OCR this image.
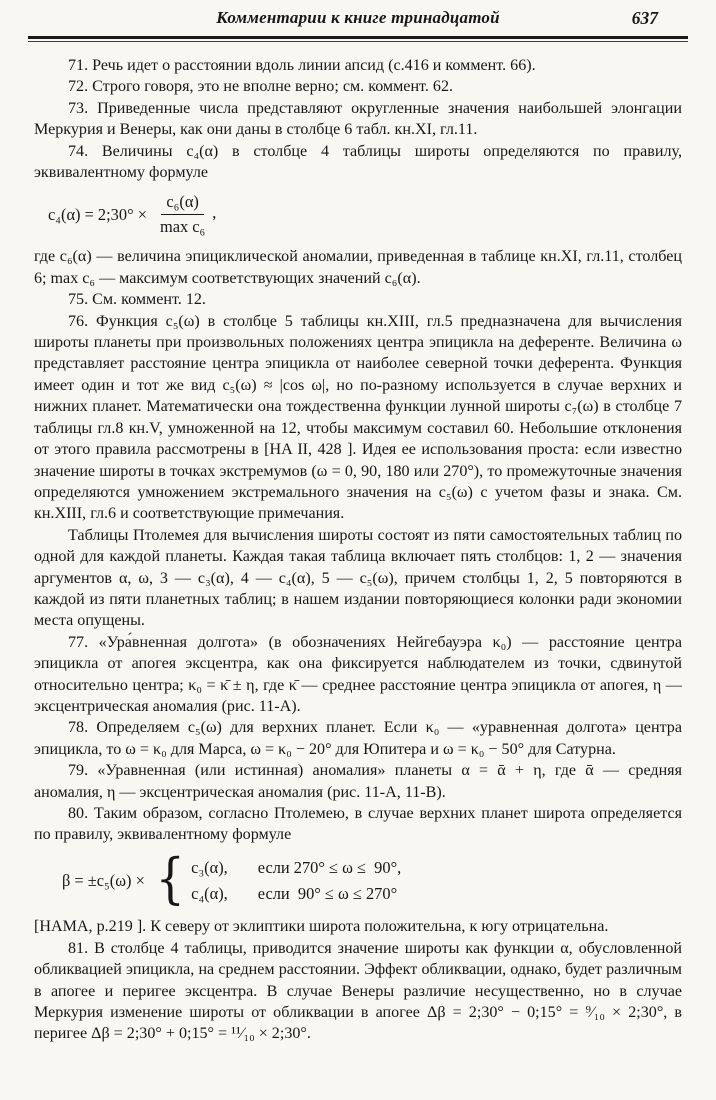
Комментарии к книге тринадцатой	637

71. Речь идет о расстоянии вдоль линии апсид (с.416 и коммент. 66).

72. Строго говоря, это не вполне верно; см. коммент. 62.

73. Приведенные числа представляют округленные значения наибольшей элонгации Меркурия и Венеры, как они даны в столбце 6 табл. кн.XI, гл.11.

74. Величины c₄(α) в столбце 4 таблицы широты определяются по правилу, эквивалентному формуле

c₄(α) = 2;30° × $\frac{\text{c₆(α)}}{\text{max c₆}}$ ,

где c₆(α) — величина эпициклической аномалии, приведенная в таблице кн.XI, гл.11, столбец 6; max c₆ — максимум соответствующих значений c₆(α).

75. См. коммент. 12.

76. Функция c₅(ω) в столбце 5 таблицы кн.XIII, гл.5 предназначена для вычисления широты планеты при произвольных положениях центра эпицикла на деференте. Величина ω представляет расстояние центра эпицикла от наиболее северной точки деферента. Функция имеет один и тот же вид c₅(ω) ≈ |cos ω|, но по-разному используется в случае верхних и нижних планет. Математически она тождественна функции лунной широты c₇(ω) в столбце 7 таблицы гл.8 кн.V, умноженной на 12, чтобы максимум составил 60. Небольшие отклонения от этого правила рассмотрены в [HA II, 428 ]. Идея ее использования проста: если известно значение широты в точках экстремумов (ω = 0, 90, 180 или 270°), то промежуточные значения определяются умножением экстремального значения на c₅(ω) с учетом фазы и знака. См. кн.XIII, гл.6 и соответствующие примечания.

Таблицы Птолемея для вычисления широты состоят из пяти самостоятельных таблиц по одной для каждой планеты. Каждая такая таблица включает пять столбцов: 1, 2 — значения аргументов α, ω, 3 — c₃(α), 4 — c₄(α), 5 — c₅(ω), причем столбцы 1, 2, 5 повторяются в каждой из пяти планетных таблиц; в нашем издании повторяющиеся колонки ради экономии места опущены.

77. «Ура́вненная долгота» (в обозначениях Нейгебауэра κ₀) — расстояние центра эпицикла от апогея эксцентра, как она фиксируется наблюдателем из точки, сдвинутой относительно центра; κ₀ = κ̄ ± η, где κ̄ — среднее расстояние центра эпицикла от апогея, η — эксцентрическая аномалия (рис. 11-А).

78. Определяем c₅(ω) для верхних планет. Если κ₀ — «уравненная долгота» центра эпицикла, то ω = κ₀ для Марса, ω = κ₀ − 20° для Юпитера и ω = κ₀ − 50° для Сатурна.

79. «Уравненная (или истинная) аномалия» планеты α = ᾱ + η, где ᾱ — средняя аномалия, η — эксцентрическая аномалия (рис. 11-А, 11-В).

80. Таким образом, согласно Птолемею, в случае верхних планет широта определяется по правилу, эквивалентному формуле

β = ±c₅(ω) × { c₃(α), если 270° ≤ ω ≤  90°,
c₄(α), если  90° ≤ ω ≤ 270°

[HAMA, p.219 ]. К северу от эклиптики широта положительна, к югу отрицательна.

81. В столбце 4 таблицы, приводится значение широты как функции α, обусловленной обликвацией эпицикла, на среднем расстоянии. Эффект обликвации, однако, будет различным в апогее и перигее эксцентра. В случае Венеры различие несущественно, но в случае Меркурия изменение широты от обликвации в апогее Δβ = 2;30° − 0;15° = ⁹⁄₁₀ × 2;30°, в перигее Δβ = 2;30° + 0;15° = ¹¹⁄₁₀ × 2;30°.
